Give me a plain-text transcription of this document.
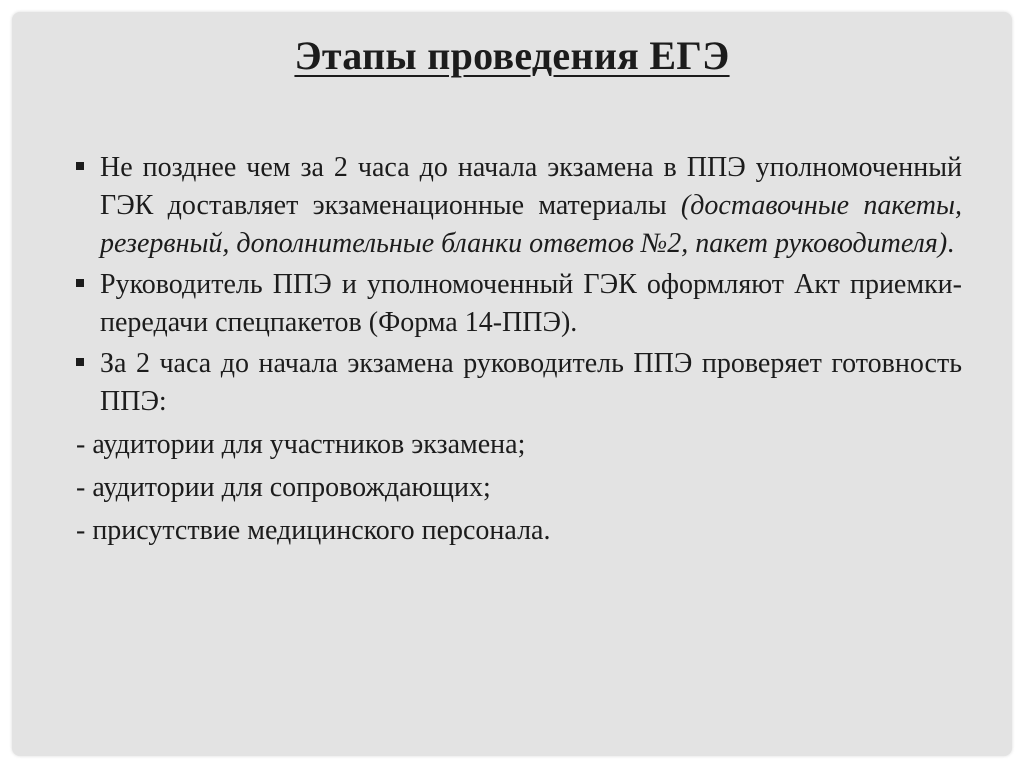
Этапы проведения ЕГЭ
Не позднее чем за 2 часа до начала экзамена в ППЭ уполномоченный ГЭК доставляет экзаменационные материалы (доставочные пакеты, резервный, дополнительные бланки ответов №2, пакет руководителя).
Руководитель ППЭ и уполномоченный ГЭК оформляют Акт приемки-передачи спецпакетов (Форма 14-ППЭ).
За 2 часа до начала экзамена руководитель ППЭ проверяет готовность ППЭ:
- аудитории для участников экзамена;
- аудитории для сопровождающих;
- присутствие медицинского персонала.
